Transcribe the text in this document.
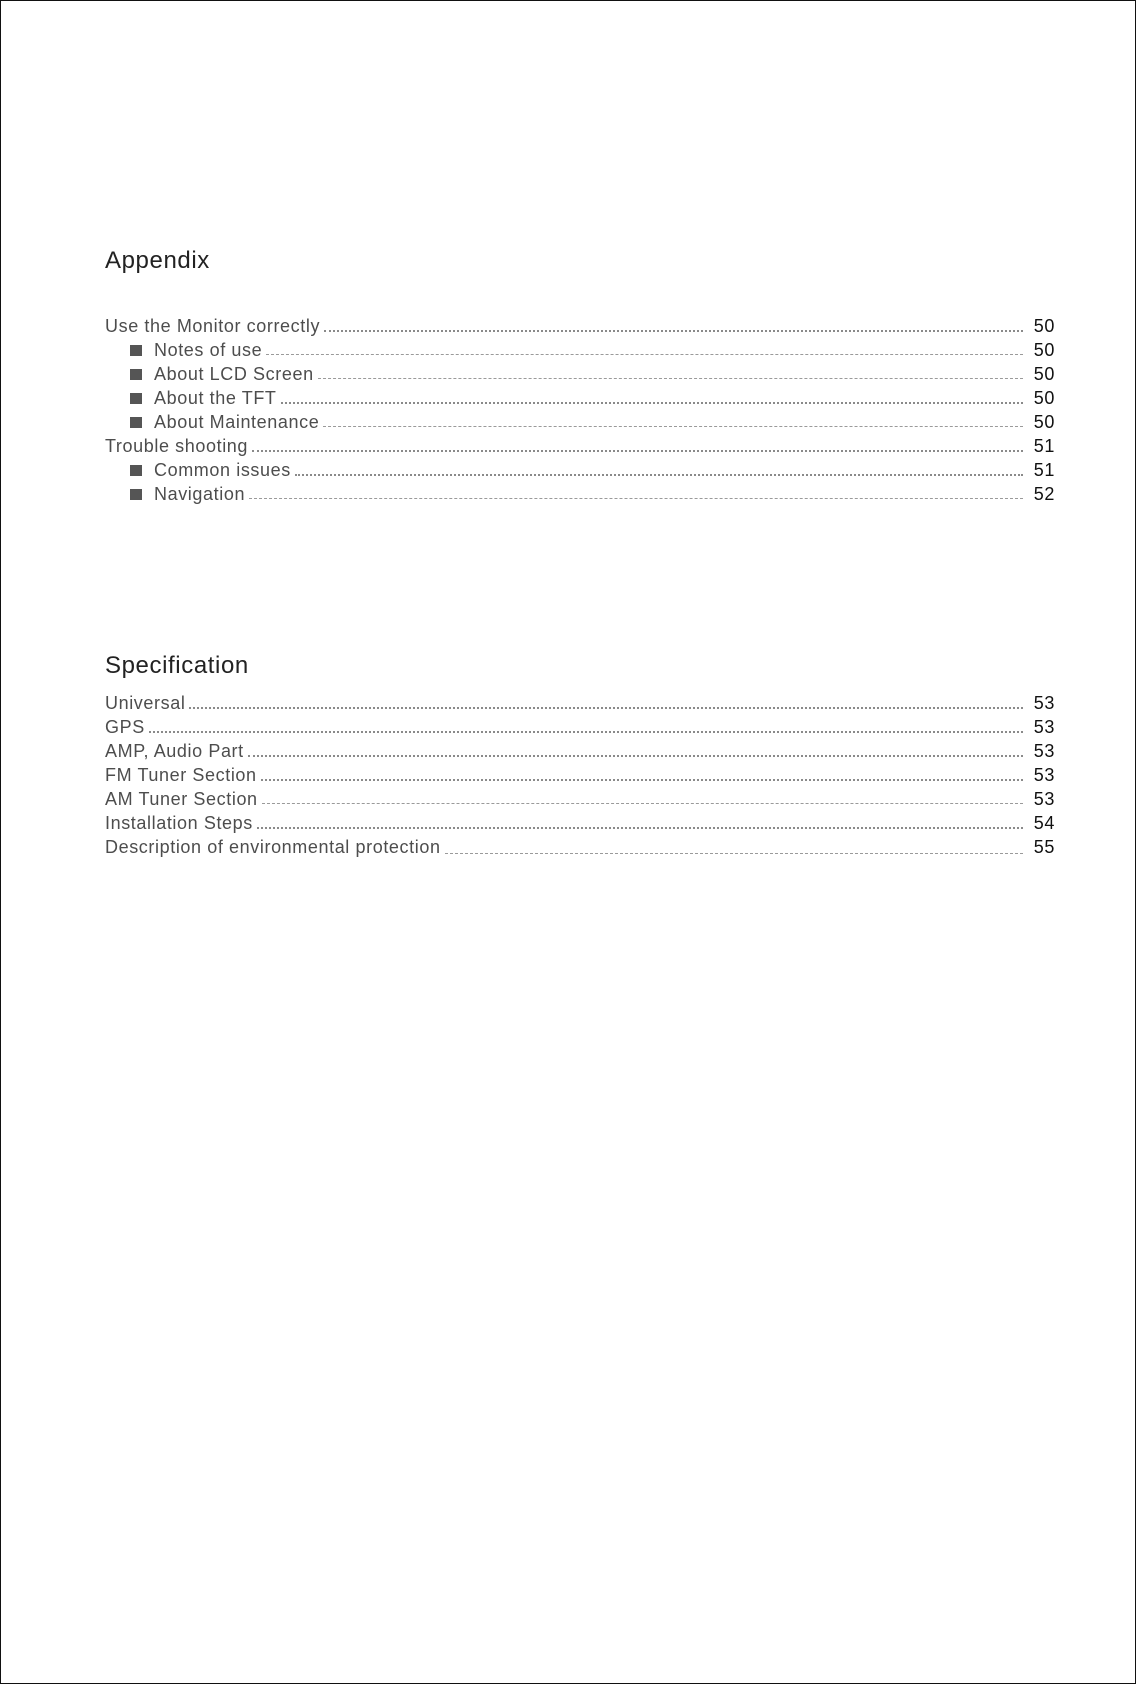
Appendix
Use the Monitor correctly	50
Notes of use	50
About LCD Screen	50
About the TFT	50
About Maintenance	50
Trouble shooting	51
Common issues	51
Navigation	52
Specification
Universal	53
GPS	53
AMP, Audio Part	53
FM Tuner Section	53
AM Tuner Section	53
Installation Steps	54
Description of environmental protection	55
